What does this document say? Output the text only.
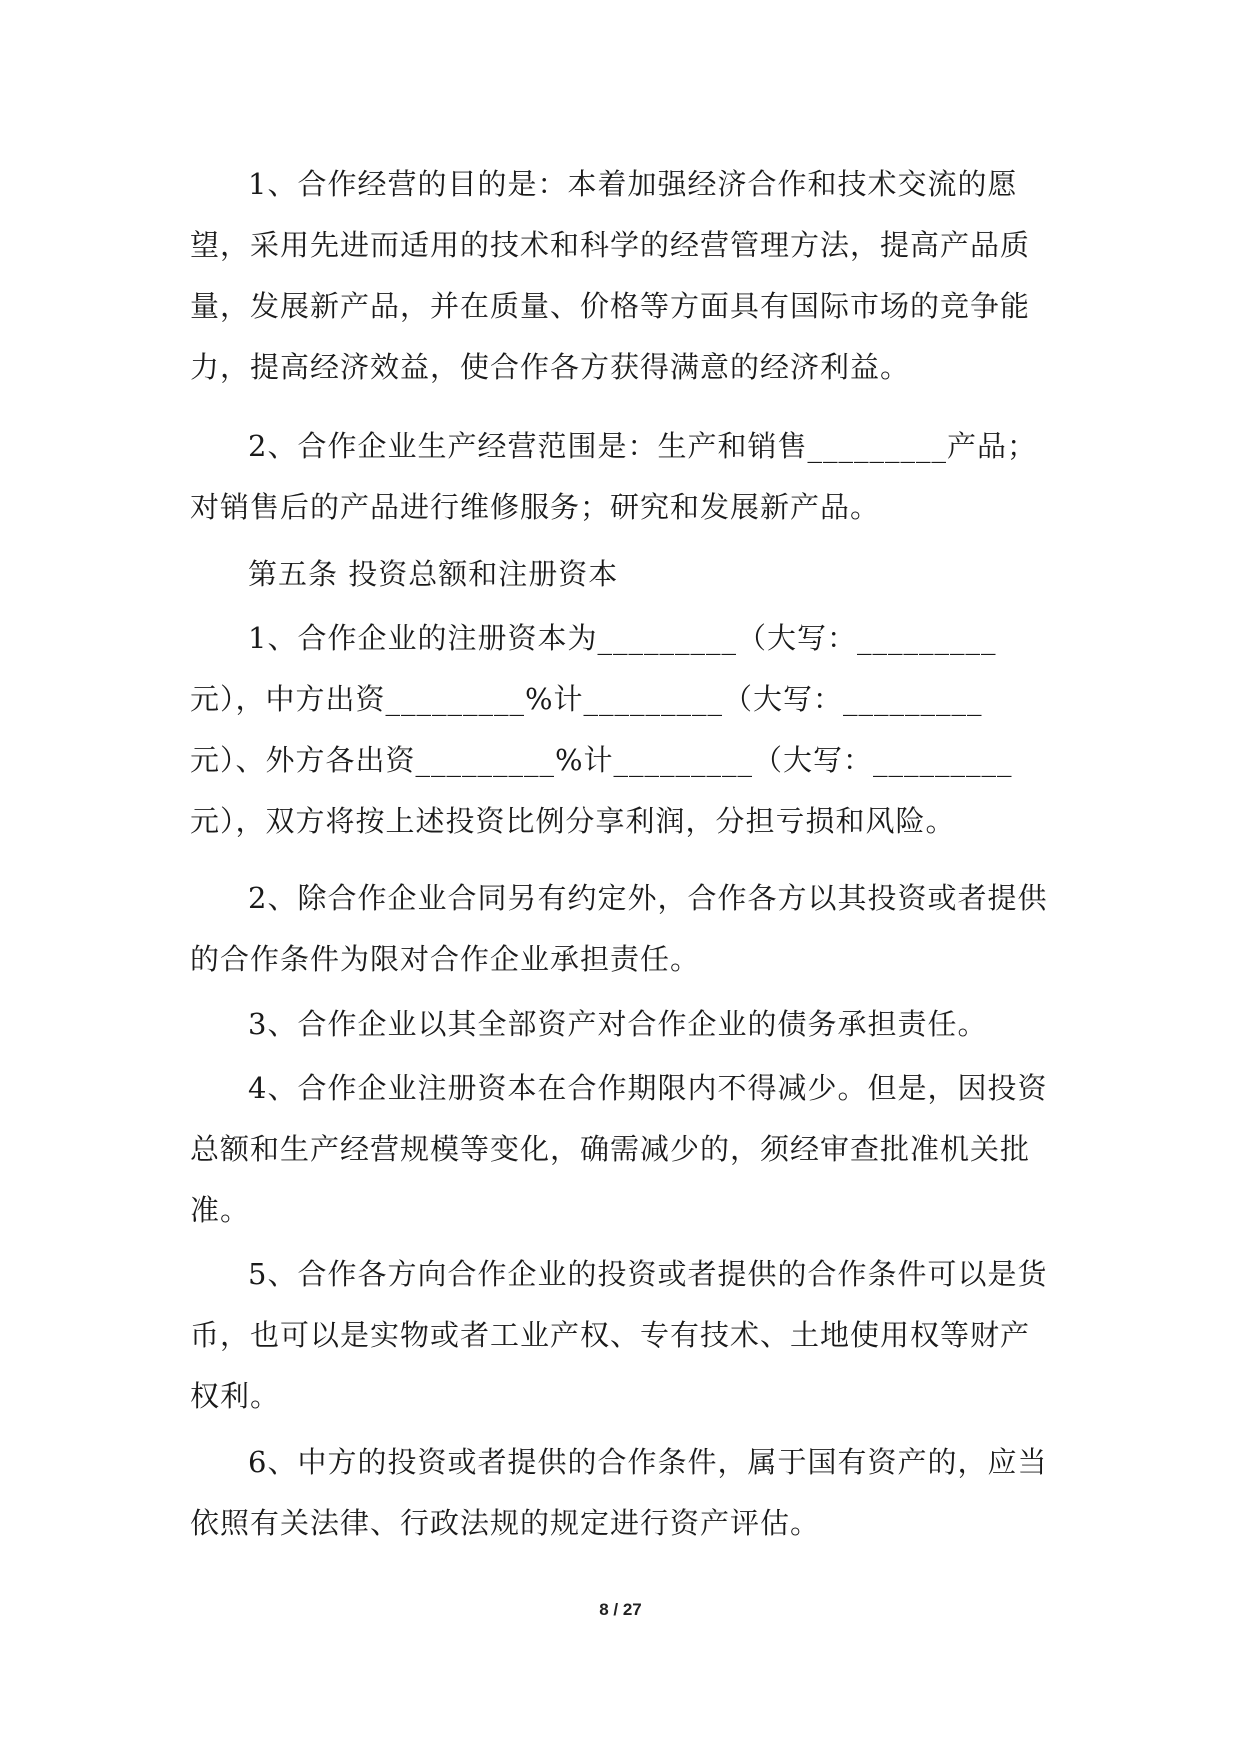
1、合作经营的目的是：本着加强经济合作和技术交流的愿望，采用先进而适用的技术和科学的经营管理方法，提高产品质量，发展新产品，并在质量、价格等方面具有国际市场的竞争能力，提高经济效益，使合作各方获得满意的经济利益。

2、合作企业生产经营范围是：生产和销售_________产品；对销售后的产品进行维修服务；研究和发展新产品。

第五条 投资总额和注册资本

1、合作企业的注册资本为_________（大写：_________元），中方出资_________%计_________（大写：_________元）、外方各出资_________%计_________（大写：_________元），双方将按上述投资比例分享利润，分担亏损和风险。

2、除合作企业合同另有约定外，合作各方以其投资或者提供的合作条件为限对合作企业承担责任。

3、合作企业以其全部资产对合作企业的债务承担责任。

4、合作企业注册资本在合作期限内不得减少。但是，因投资总额和生产经营规模等变化，确需减少的，须经审查批准机关批准。

5、合作各方向合作企业的投资或者提供的合作条件可以是货币，也可以是实物或者工业产权、专有技术、土地使用权等财产权利。

6、中方的投资或者提供的合作条件，属于国有资产的，应当依照有关法律、行政法规的规定进行资产评估。

8 / 27
